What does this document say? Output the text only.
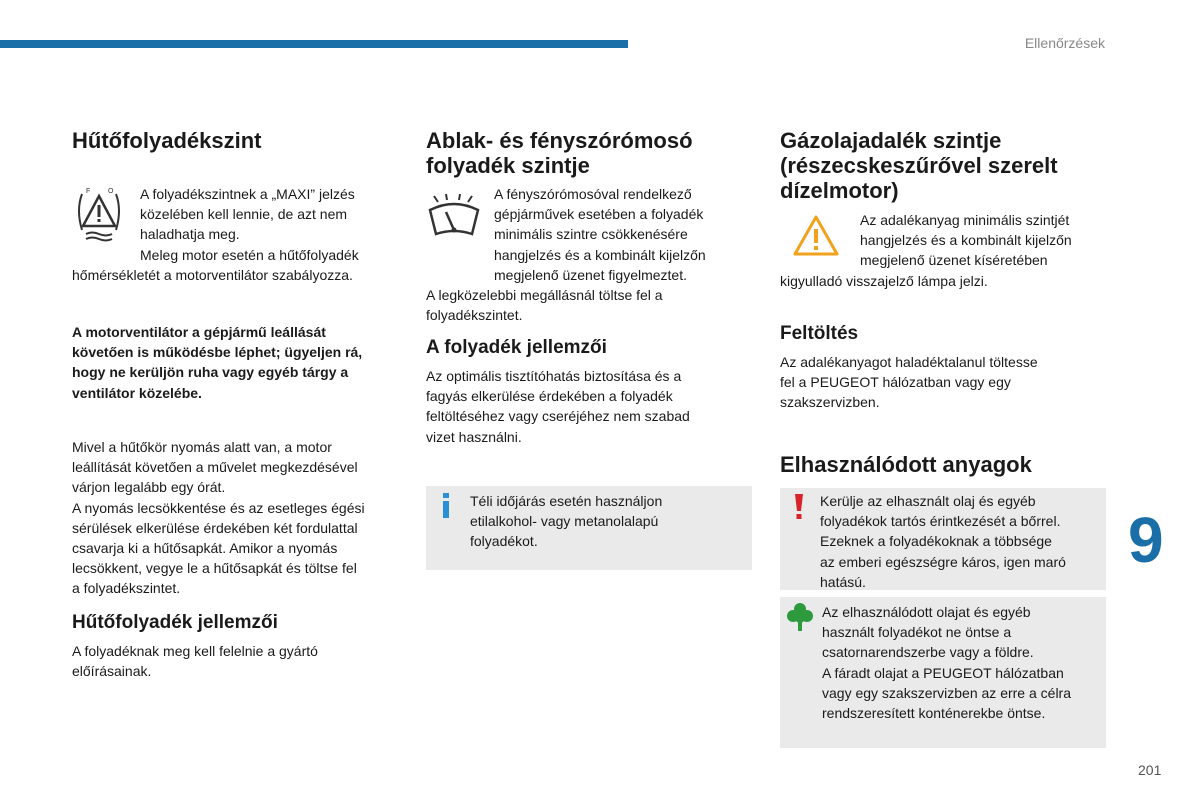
Ellenőrzések
Hűtőfolyadékszint
F	O A folyadékszintnek a „MAXI” jelzés
közelében kell lennie, de azt nem
haladhatja meg.
Meleg motor esetén a hűtőfolyadék

hőmérsékletét a motorventilátor szabályozza.

A motorventilátor a gépjármű leállását
követően is működésbe léphet; ügyeljen rá,
hogy ne kerüljön ruha vagy egyéb tárgy a
ventilátor közelébe.

Mivel a hűtőkör nyomás alatt van, a motor
leállítását követően a művelet megkezdésével
várjon legalább egy órát.
A nyomás lecsökkentése és az esetleges égési
sérülések elkerülése érdekében két fordulattal
csavarja ki a hűtősapkát. Amikor a nyomás
lecsökkent, vegye le a hűtősapkát és töltse fel
a folyadékszintet.

Hűtőfolyadék jellemzői

A folyadéknak meg kell felelnie a gyártó
előírásainak.

Ablak- és fényszórómosó
folyadék szintje

A fényszórómosóval rendelkező
gépjárművek esetében a folyadék
minimális szintre csökkenésére
hangjelzés és a kombinált kijelzőn
megjelenő üzenet figyelmeztet.

A legközelebbi megállásnál töltse fel a
folyadékszintet.

A folyadék jellemzői

Az optimális tisztítóhatás biztosítása és a
fagyás elkerülése érdekében a folyadék
feltöltéséhez vagy cseréjéhez nem szabad
vizet használni.

Téli időjárás esetén használjon
etilalkohol- vagy metanolalapú
folyadékot.

Gázolajadalék szintje
(részecskeszűrővel szerelt
dízelmotor)

Az adalékanyag minimális szintjét
hangjelzés és a kombinált kijelzőn
megjelenő üzenet kíséretében

kigyulladó visszajelző lámpa jelzi.

Feltöltés

Az adalékanyagot haladéktalanul töltesse
fel a PEUGEOT hálózatban vagy egy
szakszervizben.

Elhasználódott anyagok

Kerülje az elhasznált olaj és egyéb
folyadékok tartós érintkezését a bőrrel.
Ezeknek a folyadékoknak a többsége
az emberi egészségre káros, igen maró
hatású.

Az elhasználódott olajat és egyéb
használt folyadékot ne öntse a
csatornarendszerbe vagy a földre.
A fáradt olajat a PEUGEOT hálózatban
vagy egy szakszervizben az erre a célra
rendszeresített konténerekbe öntse.

9
201
